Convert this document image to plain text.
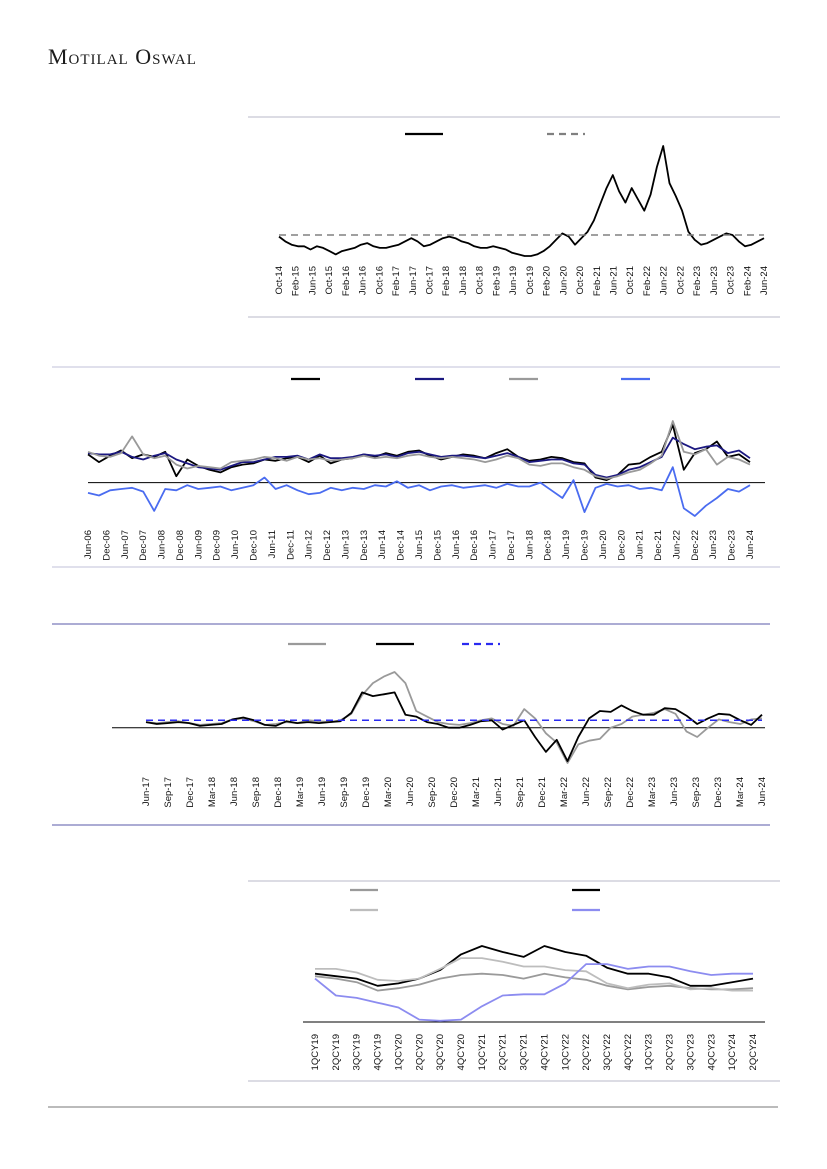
Motilal Oswal
Oct-14 Feb-15 Jun-15 Oct-15 Feb-16 Jun-16 Oct-16 Feb-17 Jun-17 Oct-17 Feb-18 Jun-18 Oct-18 Feb-19 Jun-19 Oct-19 Feb-20 Jun-20 Oct-20 Feb-21 Jun-21 Oct-21 Feb-22 Jun-22 Oct-22 Feb-23 Jun-23 Oct-23 Feb-24 Jun-24
Jun-06 Dec-06 Jun-07 Dec-07 Jun-08 Dec-08 Jun-09 Dec-09 Jun-10 Dec-10 Jun-11 Dec-11 Jun-12 Dec-12 Jun-13 Dec-13 Jun-14 Dec-14 Jun-15 Dec-15 Jun-16 Dec-16 Jun-17 Dec-17 Jun-18 Dec-18 Jun-19 Dec-19 Jun-20 Dec-20 Jun-21 Dec-21 Jun-22 Dec-22 Jun-23 Dec-23 Jun-24
Jun-17 Sep-17 Dec-17 Mar-18 Jun-18 Sep-18 Dec-18 Mar-19 Jun-19 Sep-19 Dec-19 Mar-20 Jun-20 Sep-20 Dec-20 Mar-21 Jun-21 Sep-21 Dec-21 Mar-22 Jun-22 Sep-22 Dec-22 Mar-23 Jun-23 Sep-23 Dec-23 Mar-24 Jun-24
1QCY19 2QCY19 3QCY19 4QCY19 1QCY20 2QCY20 3QCY20 4QCY20 1QCY21 2QCY21 3QCY21 4QCY21 1QCY22 2QCY22 3QCY22 4QCY22 1QCY23 2QCY23 3QCY23 4QCY23 1QCY24 2QCY24
